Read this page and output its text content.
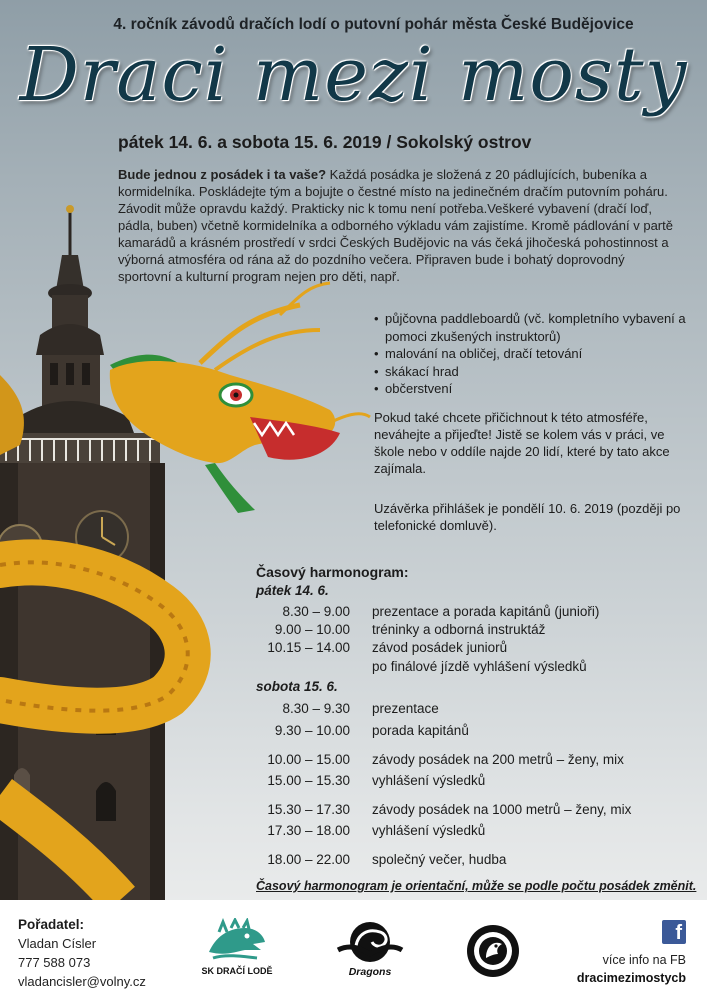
4. ročník závodů dračích lodí o putovní pohár města České Budějovice
Draci mezi mosty
pátek 14. 6. a sobota 15. 6. 2019 / Sokolský ostrov
Bude jednou z posádek i ta vaše? Každá posádka je složená z 20 pádlujících, bubeníka a kormidelníka. Poskládejte tým a bojujte o čestné místo na jedinečném dračím putovním poháru. Závodit může opravdu každý. Prakticky nic k tomu není potřeba.Veškeré vybavení (dračí loď, pádla, buben) včetně kormidelníka a odborného výkladu vám zajistíme. Kromě pádlování v partě kamarádů a krásném prostředí v srdci Českých Budějovic na vás čeká jihočeská pohostinnost a výborná atmosféra od rána až do pozdního večera. Připraven bude i bohatý doprovodný sportovní a kulturní program nejen pro děti, např.
• půjčovna paddleboardů (vč. kompletního vybavení a pomoci zkušených instruktorů)
• malování na obličej, dračí tetování
• skákací hrad
• občerstvení
Pokud také chcete přičichnout k této atmosféře, neváhejte a přijeďte! Jistě se kolem vás v práci, ve škole nebo v oddíle najde 20 lidí, které by tato akce zajímala.
Uzávěrka přihlášek je pondělí 10. 6. 2019 (později po telefonické domluvě).
Časový harmonogram:
pátek 14. 6.
8.30 – 9.00 prezentace a porada kapitánů (junioři)
9.00 – 10.00 tréninky a odborná instruktáž
10.15 – 14.00 závod posádek juniorů
po finálové jízdě vyhlášení výsledků
sobota 15. 6.
8.30 – 9.30 prezentace
9.30 – 10.00 porada kapitánů
10.00 – 15.00 závody posádek na 200 metrů – ženy, mix
15.00 – 15.30 vyhlášení výsledků
15.30 – 17.30 závody posádek na 1000 metrů – ženy, mix
17.30 – 18.00 vyhlášení výsledků
18.00 – 22.00 společný večer, hudba
Časový harmonogram je orientační, může se podle počtu posádek změnit.
Pořadatel:
Vladan Císler
777 588 073
vladancisler@volny.cz
SK DRAČÍ LODĚ	Dragons
f
více info na FB
dracimezimostycb
